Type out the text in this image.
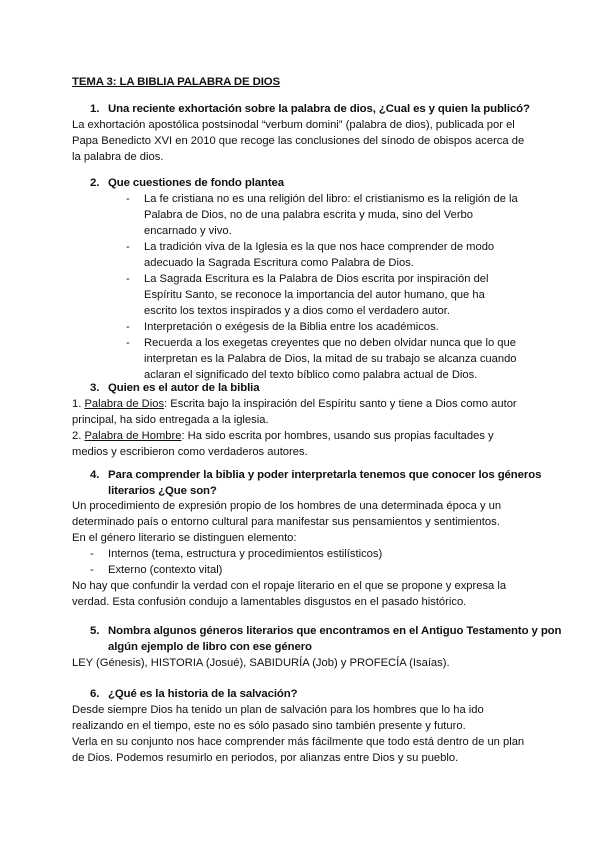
TEMA 3: LA BIBLIA PALABRA DE DIOS
1. Una reciente exhortación sobre la palabra de dios, ¿Cual es y quien la publicó?

La exhortación apostólica postsinodal “verbum domini” (palabra de dios), publicada por el Papa Benedicto XVI en 2010 que recoge las conclusiones del sínodo de obispos acerca de la palabra de dios.

2. Que cuestiones de fondo plantea
- La fe cristiana no es una religión del libro: el cristianismo es la religión de la Palabra de Dios, no de una palabra escrita y muda, sino del Verbo encarnado y vivo.
- La tradición viva de la Iglesia es la que nos hace comprender de modo adecuado la Sagrada Escritura como Palabra de Dios.
- La Sagrada Escritura es la Palabra de Dios escrita por inspiración del Espíritu Santo, se reconoce la importancia del autor humano, que ha escrito los textos inspirados y a dios como el verdadero autor.
- Interpretación o exégesis de la Biblia entre los académicos.
- Recuerda a los exegetas creyentes que no deben olvidar nunca que lo que interpretan es la Palabra de Dios, la mitad de su trabajo se alcanza cuando aclaran el significado del texto bíblico como palabra actual de Dios.
3. Quien es el autor de la biblia

1. Palabra de Dios: Escrita bajo la inspiración del Espíritu santo y tiene a Dios como autor principal, ha sido entregada a la iglesia.

2. Palabra de Hombre: Ha sido escrita por hombres, usando sus propias facultades y medios y escribieron como verdaderos autores.

4. Para comprender la biblia y poder interpretarla tenemos que conocer los géneros literarios ¿Que son?

Un procedimiento de expresión propio de los hombres de una determinada época y un determinado país o entorno cultural para manifestar sus pensamientos y sentimientos.

En el género literario se distinguen elemento:

- Internos (tema, estructura y procedimientos estilísticos)
- Externo (contexto vital)

No hay que confundir la verdad con el ropaje literario en el que se propone y expresa la verdad. Esta confusión condujo a lamentables disgustos en el pasado histórico.

5. Nombra algunos géneros literarios que encontramos en el Antiguo Testamento y pon algún ejemplo de libro con ese género

LEY (Génesis), HISTORIA (Josué), SABIDURÍA (Job) y PROFECÍA (Isaías).

6. ¿Qué es la historia de la salvación?

Desde siempre Dios ha tenido un plan de salvación para los hombres que lo ha ido realizando en el tiempo, este no es sólo pasado sino también presente y futuro.

Verla en su conjunto nos hace comprender más fácilmente que todo está dentro de un plan de Dios. Podemos resumirlo en periodos, por alianzas entre Dios y su pueblo.
